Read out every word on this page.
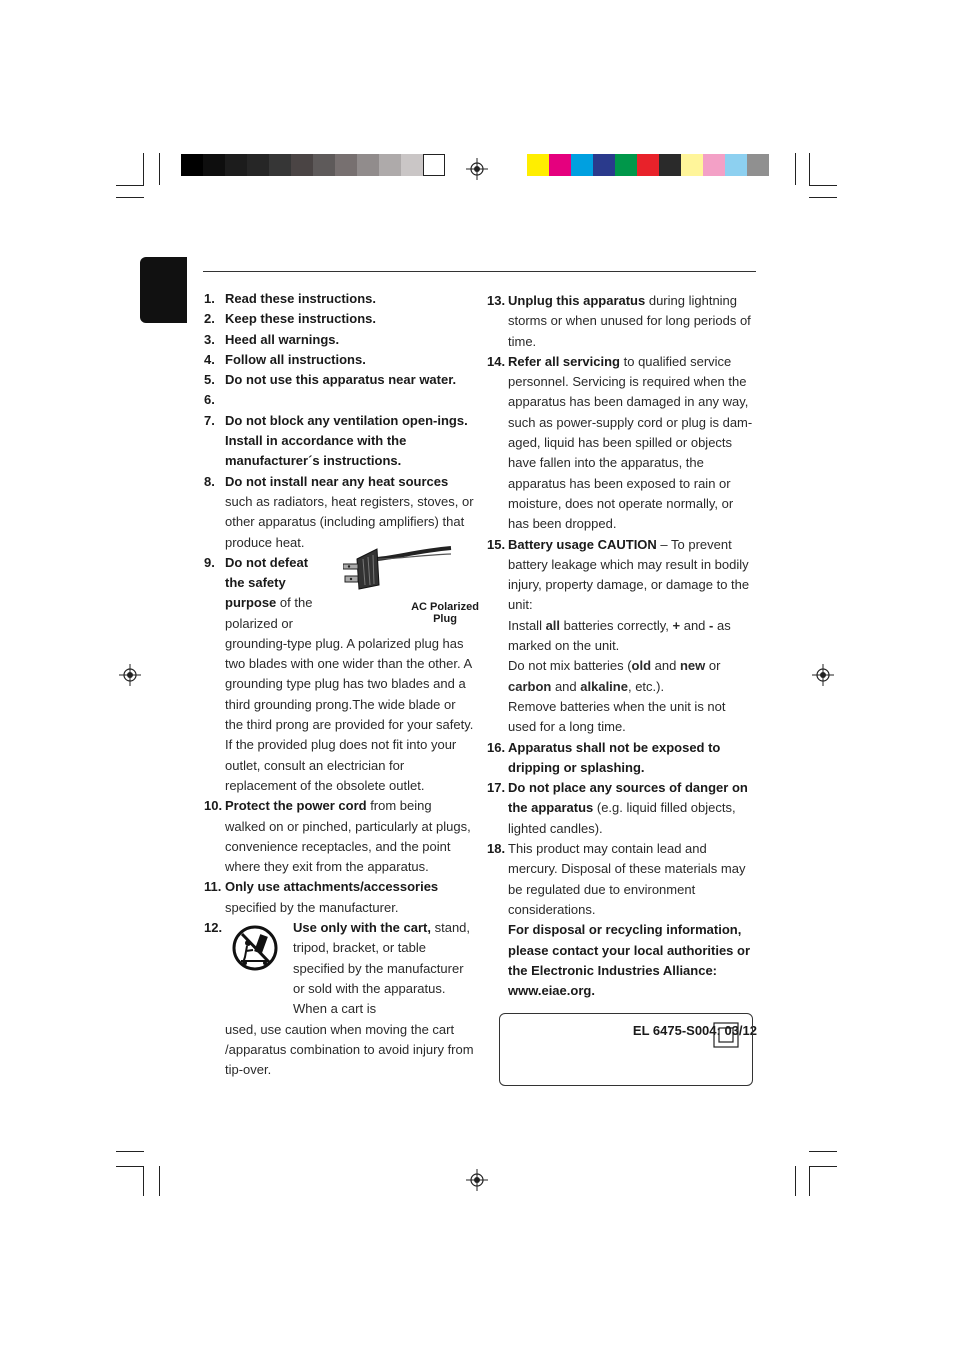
1. Read these instructions.
2. Keep these instructions.
3. Heed all warnings.
4. Follow all instructions.
5. Do not use this apparatus near water.
6.

7. Do not block any ventilation open-ings. Install in accordance with the manufacturer´s instructions.
8. Do not install near any heat sources such as radiators, heat registers, stoves, or other apparatus (including amplifiers) that produce heat.
9. Do not defeat
the safety
purpose of the
polarized or
AC Polarized
Plug
grounding-type plug. A polarized plug has two blades with one wider than the other. A grounding type plug has two blades and a third grounding prong.The wide blade or the third prong are provided for your safety. If the provided plug does not fit into your outlet, consult an electrician for replacement of the obsolete outlet.
10. Protect the power cord from being walked on or pinched, particularly at plugs, convenience receptacles, and the point where they exit from the apparatus.
11. Only use attachments/accessories specified by the manufacturer.
12.	Use only with the cart, stand, tripod, bracket, or table specified by the manufacturer or sold with the apparatus. When a cart is
used, use caution when moving the cart /apparatus combination to avoid injury from tip-over.
13. Unplug this apparatus during lightning storms or when unused for long periods of time.
14. Refer all servicing to qualified service personnel. Servicing is required when the apparatus has been damaged in any way, such as power-supply cord or plug is dam-aged, liquid has been spilled or objects have fallen into the apparatus, the apparatus has been exposed to rain or moisture, does not operate normally, or has been dropped.
15. Battery usage CAUTION – To prevent battery leakage which may result in bodily injury, property damage, or damage to the unit:

Install all batteries correctly, + and - as marked on the unit.

Do not mix batteries (old and new or carbon and alkaline, etc.).

Remove batteries when the unit is not used for a long time.

16. Apparatus shall not be exposed to dripping or splashing.
17. Do not place any sources of danger on the apparatus (e.g. liquid filled objects, lighted candles).
18. This product may contain lead and mercury. Disposal of these materials may be regulated due to environment considerations.
For disposal or recycling information, please contact your local authorities or the Electronic Industries Alliance: www.eiae.org.
EL 6475-S004: 03/12
